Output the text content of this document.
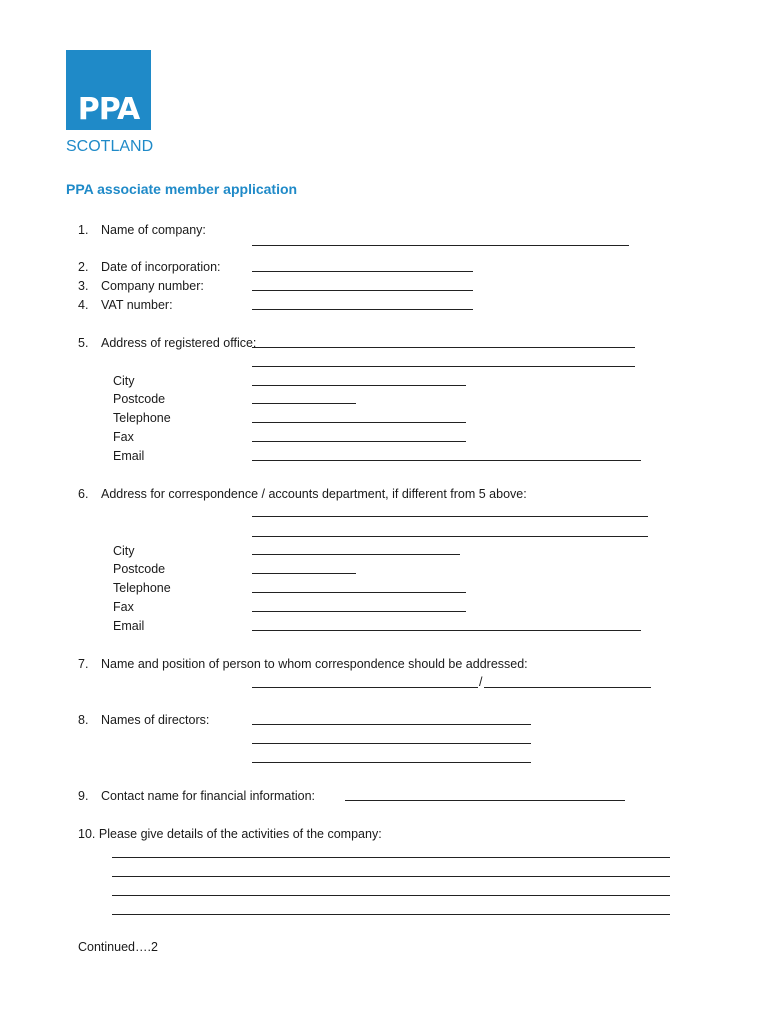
PPA
SCOTLAND
PPA associate member application
1. Name of company:
2. Date of incorporation:
3. Company number:
4. VAT number:
5. Address of registered office:
City
Postcode
Telephone
Fax
Email
6. Address for correspondence / accounts department, if different from 5 above:
City
Postcode
Telephone
Fax
Email
7. Name and position of person to whom correspondence should be addressed:
/
8. Names of directors:
9. Contact name for financial information:
10. Please give details of the activities of the company:
Continued….2
